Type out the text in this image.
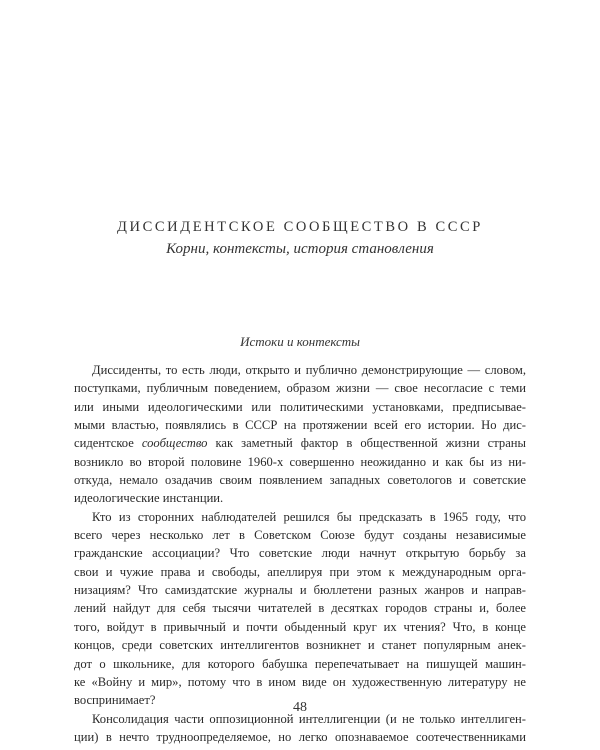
ДИССИДЕНТСКОЕ СООБЩЕСТВО В СССР
Корни, контексты, история становления
Истоки и контексты
Диссиденты, то есть люди, открыто и публично демонстрирующие — словом,
поступками, публичным поведением, образом жизни — свое несогласие с теми
или иными идеологическими или политическими установками, предписывае-
мыми властью, появлялись в СССР на протяжении всей его истории. Но дис-
сидентское сообщество как заметный фактор в общественной жизни страны
возникло во второй половине 1960-х совершенно неожиданно и как бы из ни-
откуда, немало озадачив своим появлением западных советологов и советские
идеологические инстанции.
Кто из сторонних наблюдателей решился бы предсказать в 1965 году, что
всего через несколько лет в Советском Союзе будут созданы независимые
гражданские ассоциации? Что советские люди начнут открытую борьбу за
свои и чужие права и свободы, апеллируя при этом к международным орга-
низациям? Что самиздатские журналы и бюллетени разных жанров и направ-
лений найдут для себя тысячи читателей в десятках городов страны и, более
того, войдут в привычный и почти обыденный круг их чтения? Что, в конце
концов, среди советских интеллигентов возникнет и станет популярным анек-
дот о школьнике, для которого бабушка перепечатывает на пишущей машин-
ке «Войну и мир», потому что в ином виде он художественную литературу не
воспринимает?
Консолидация части оппозиционной интеллигенции (и не только интеллиген-
ции) в нечто трудноопределяемое, но легко опознаваемое соотечественниками
48
